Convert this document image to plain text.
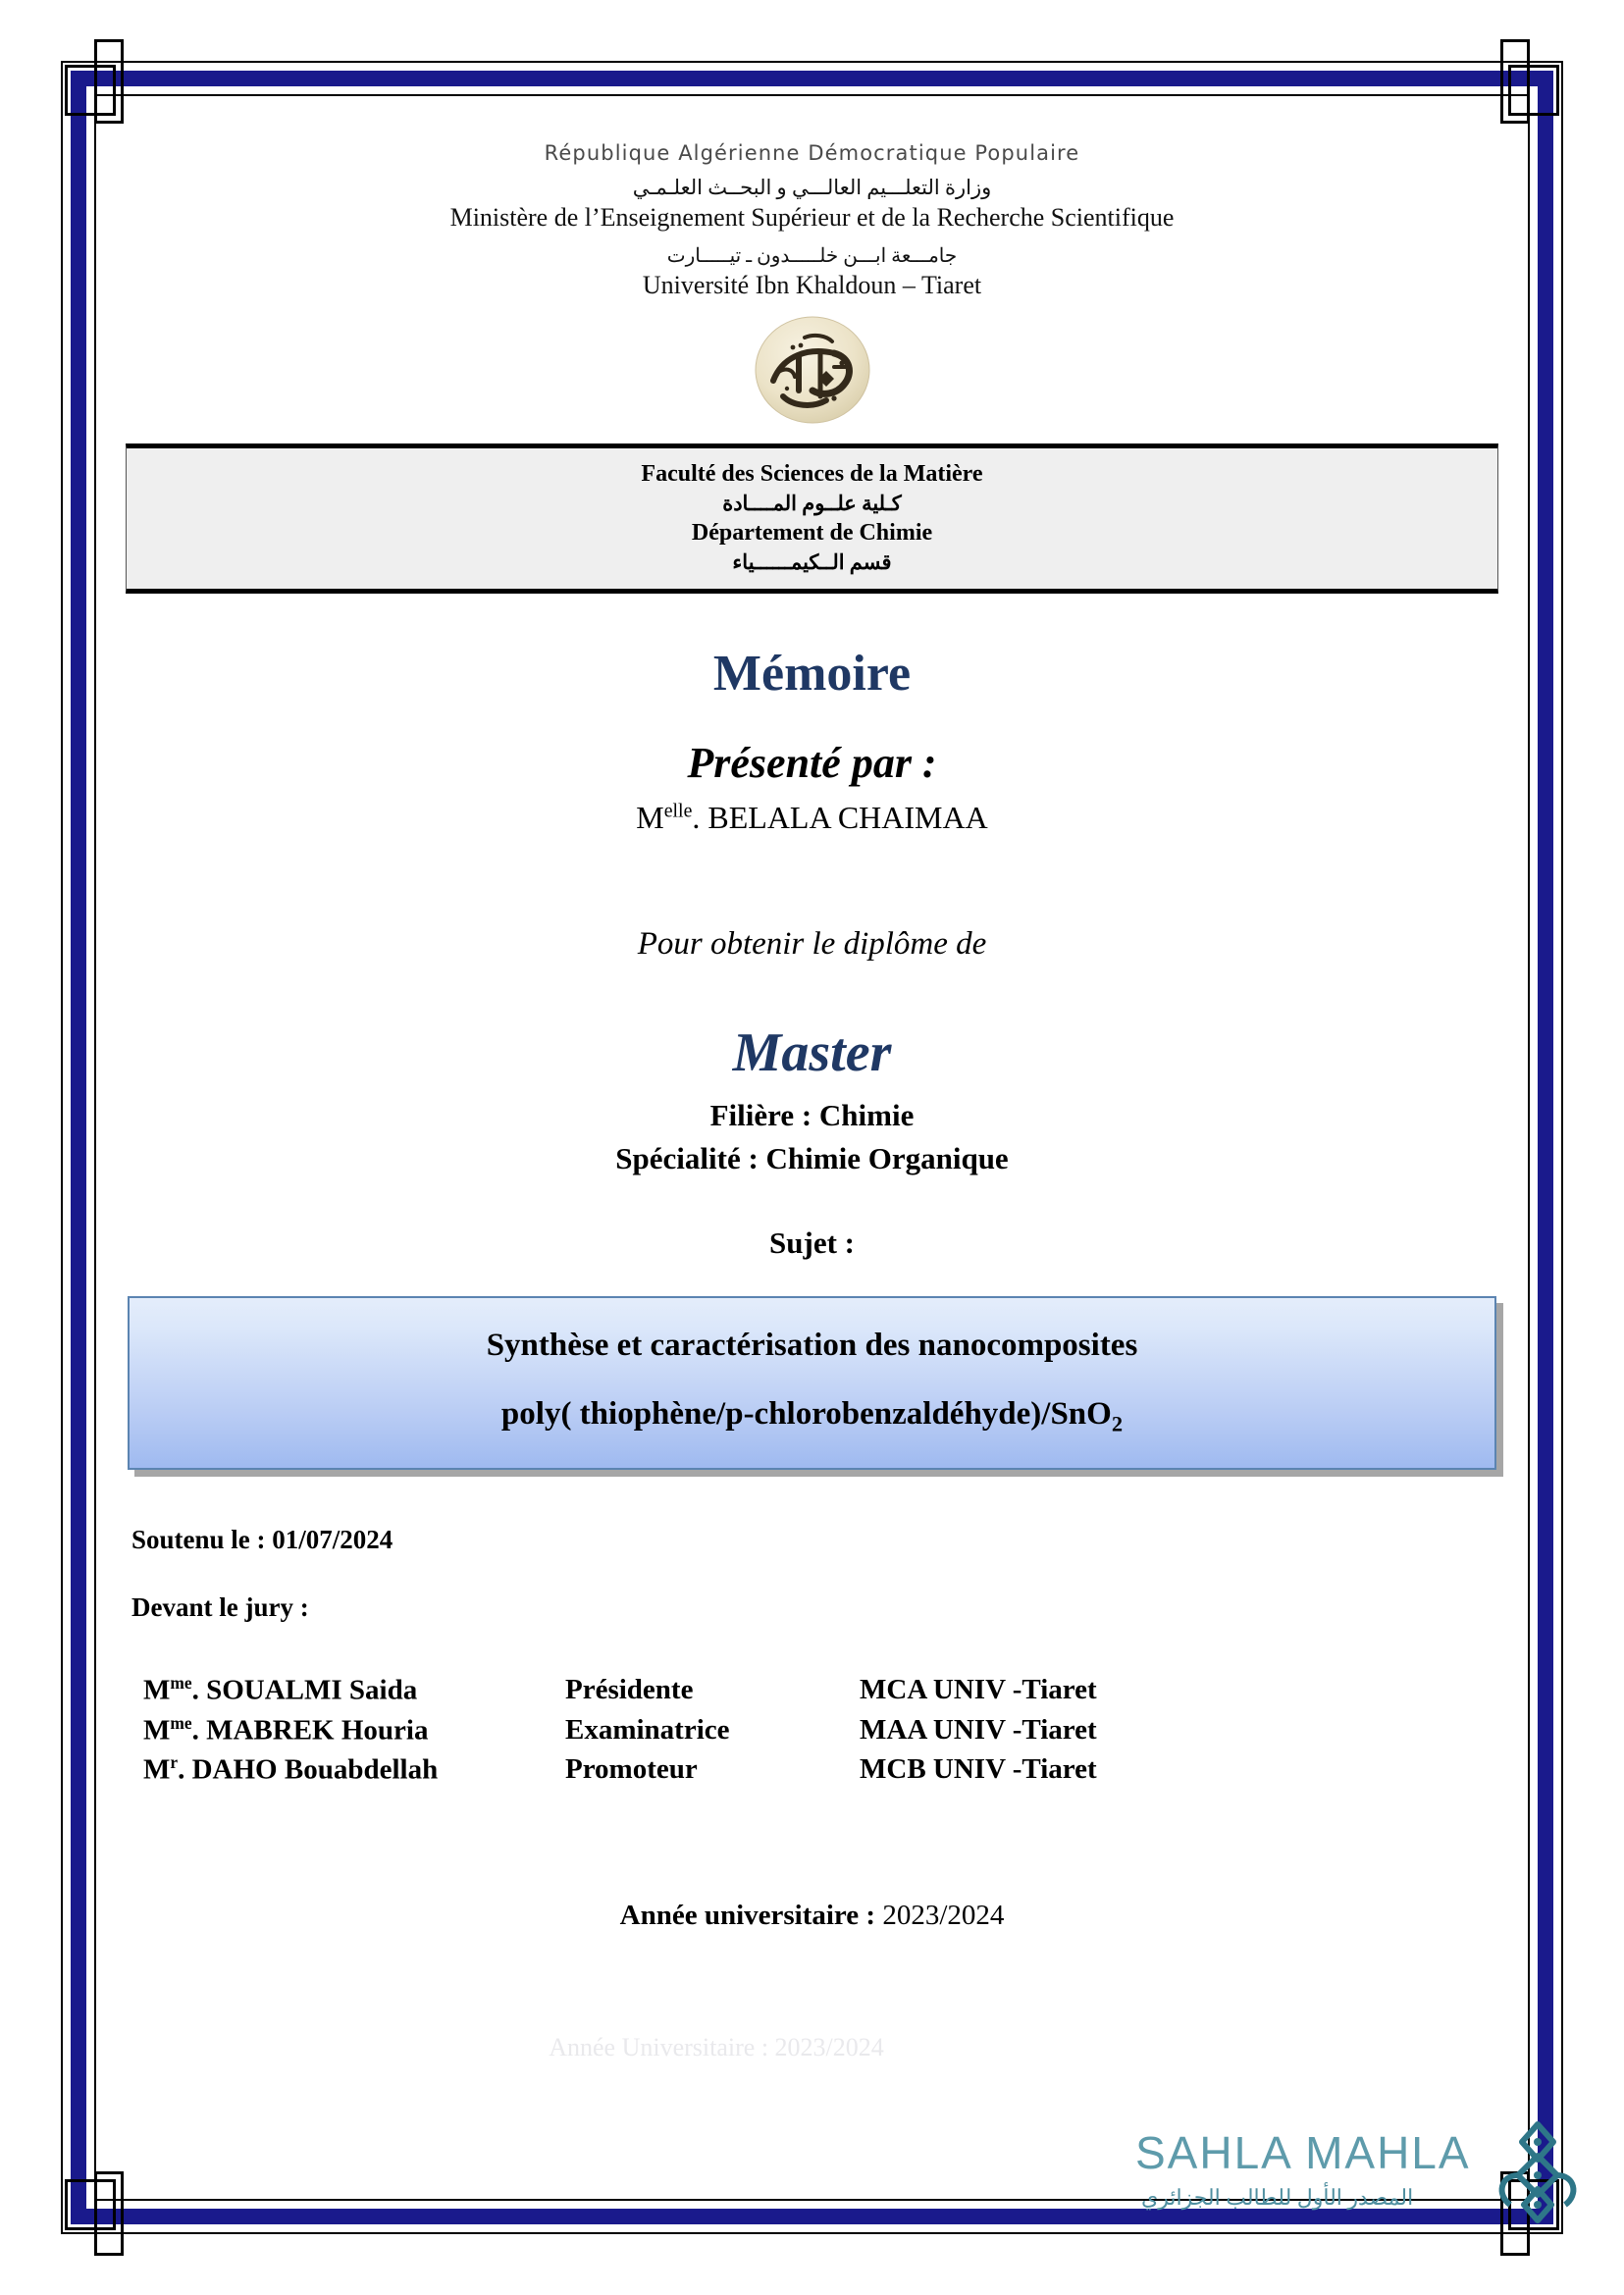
République Algérienne Démocratique Populaire
وزارة التعلـــيم العالـــي و البحــث العلـمـي
Ministère de l’Enseignement Supérieur et de la Recherche Scientifique
جامـــعة ابـــن خلـــــدون ـ تيـــــارت
Université Ibn Khaldoun – Tiaret
Faculté des Sciences de la Matière
كـلية علــوم المــــادة
Département de Chimie
قسم الــكيمــــــياء
Mémoire
Présenté par :
$M^{elle}$. BELALA CHAIMAA
Pour obtenir le diplôme de
Master
Filière : Chimie
Spécialité : Chimie Organique
Sujet :
Synthèse et caractérisation des nanocomposites
poly( thiophène/p-chlorobenzaldéhyde)/SnO$_2$
Soutenu le : 01/07/2024
Devant le jury :
$M^{me}$. SOUALMI Saida	Présidente	MCA UNIV -Tiaret
$M^{me}$. MABREK Houria	Examinatrice	MAA UNIV -Tiaret
$M^r$. DAHO Bouabdellah	Promoteur	MCB UNIV -Tiaret
Année universitaire : 2023/2024
Année Universitaire : 2023/2024
SAHLA MAHLA
المصدر الأول للطالب الجزائري
